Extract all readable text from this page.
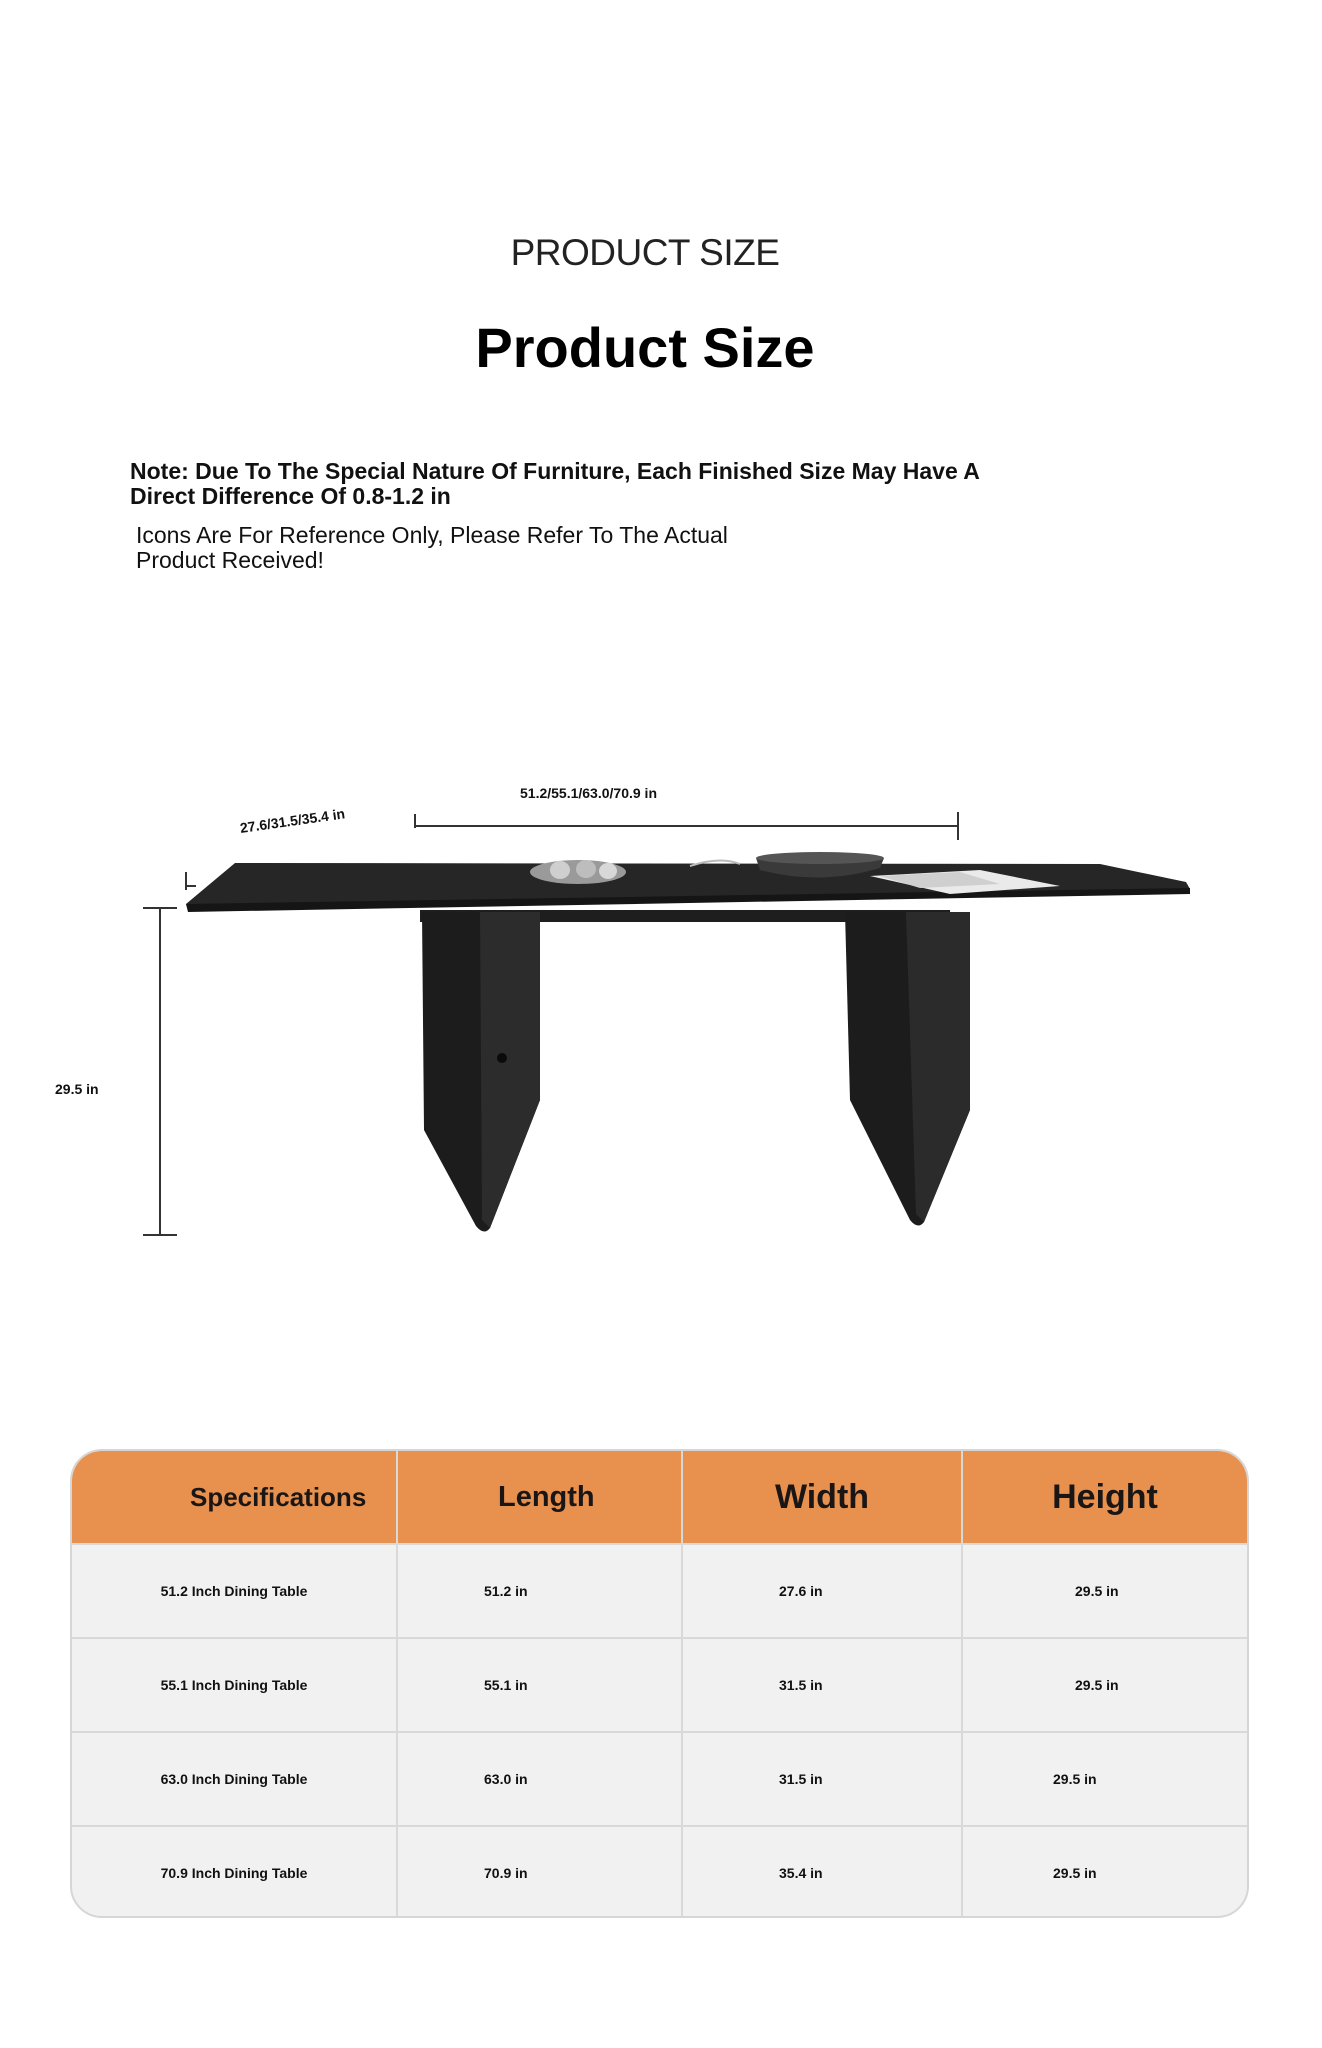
PRODUCT SIZE
Product Size
Note: Due To The Special Nature Of Furniture, Each Finished Size May Have A Direct Difference Of 0.8-1.2 in
Icons Are For Reference Only, Please Refer To The Actual Product Received!
51.2/55.1/63.0/70.9 in
27.6/31.5/35.4 in
29.5 in
Specifications	Length	Width	Height
51.2 Inch Dining Table	51.2 in	27.6 in	29.5 in
55.1 Inch Dining Table	55.1 in	31.5 in	29.5 in
63.0 Inch Dining Table	63.0 in	31.5 in	29.5 in
70.9 Inch Dining Table	70.9 in	35.4 in	29.5 in
